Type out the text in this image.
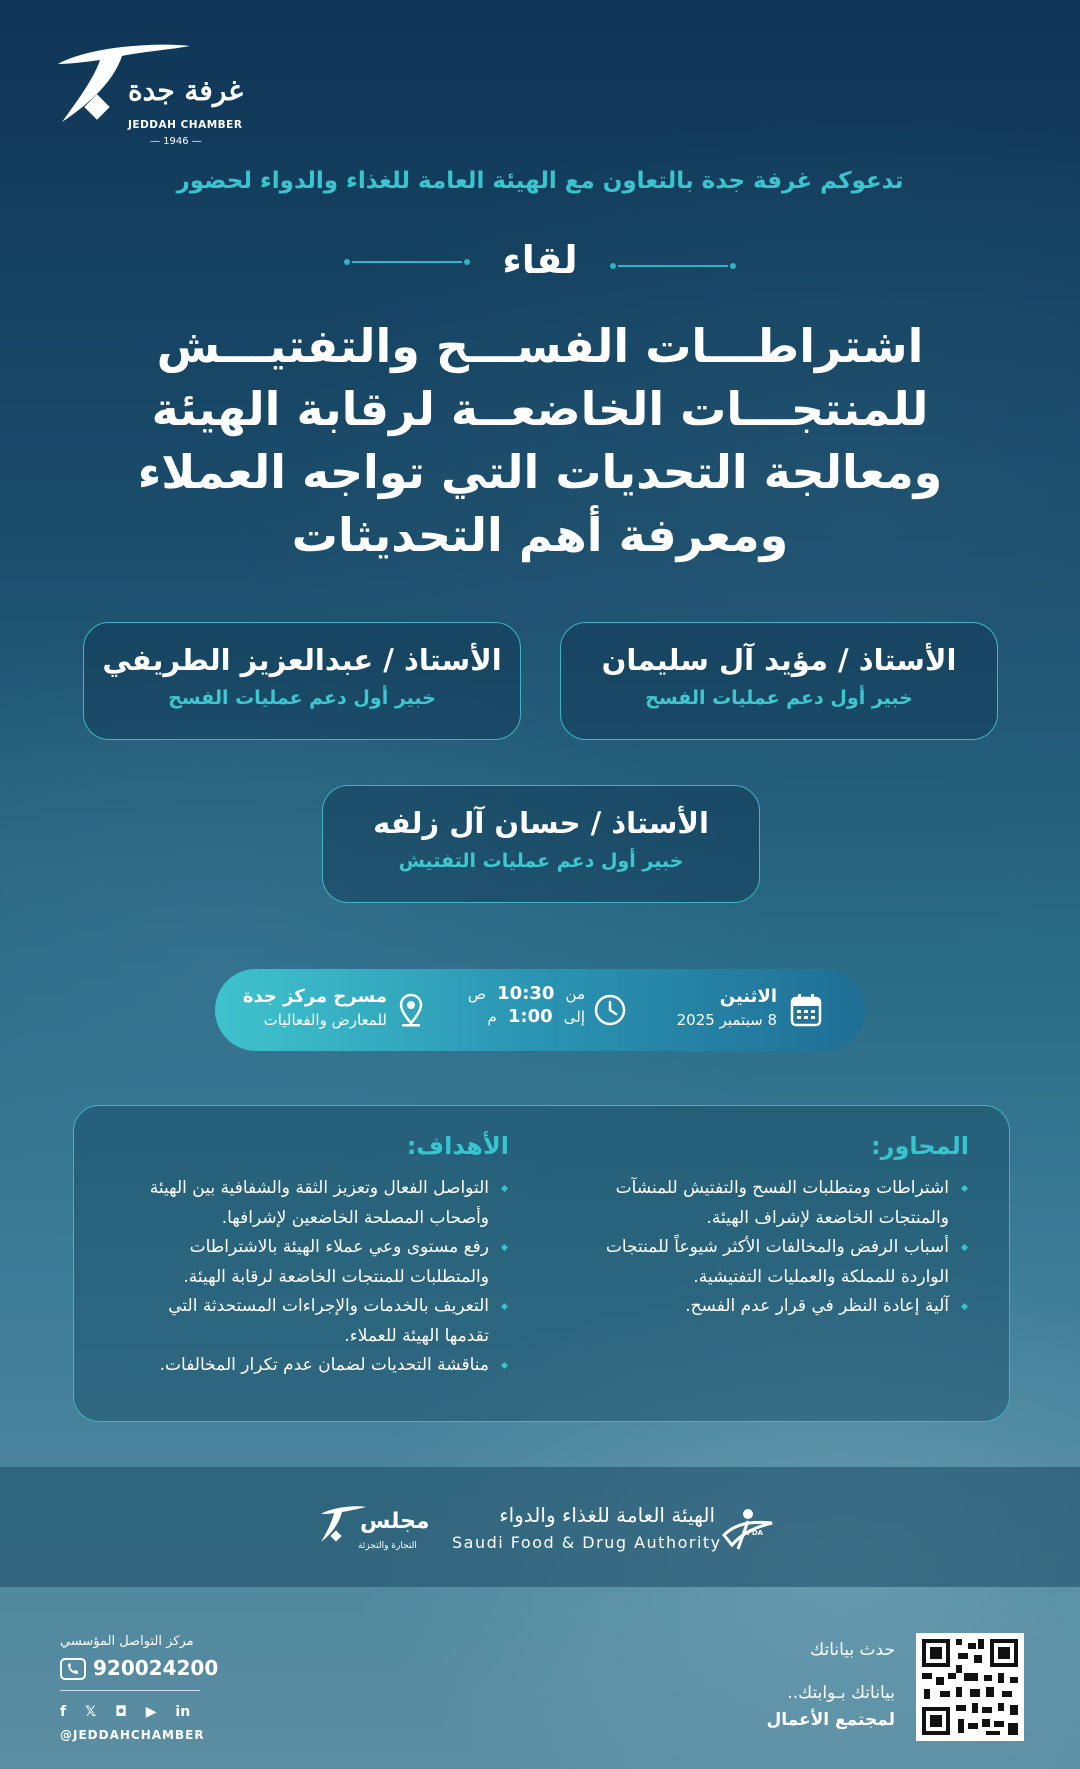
غرفة جدة
JEDDAH CHAMBER
— 1946 —
تدعوكم غرفة جدة بالتعاون مع الهيئة العامة للغذاء والدواء لحضور
لقاء
اشتراطـــات الفســـح والتفتيـــش
للمنتجـــات الخاضعــة لرقابة الهيئة
ومعالجة التحديات التي تواجه العملاء
ومعرفة أهم التحديثات
الأستاذ / مؤيد آل سليمان
خبير أول دعم عمليات الفسح
الأستاذ / عبدالعزيز الطريفي
خبير أول دعم عمليات الفسح
الأستاذ / حسان آل زلفه
خبير أول دعم عمليات التفتيش
الاثنين
8 سبتمبر 2025
من 10:30 ص
إلى 1:00 م
مسرح مركز جدة
للمعارض والفعاليات
المحاور:
اشتراطات ومتطلبات الفسح والتفتيش للمنشآت والمنتجات الخاضعة لإشراف الهيئة.
أسباب الرفض والمخالفات الأكثر شيوعاً للمنتجات الواردة للمملكة والعمليات التفتيشية.
آلية إعادة النظر في قرار عدم الفسح.
الأهداف:
التواصل الفعال وتعزيز الثقة والشفافية بين الهيئة وأصحاب المصلحة الخاضعين لإشرافها.
رفع مستوى وعي عملاء الهيئة بالاشتراطات والمتطلبات للمنتجات الخاضعة لرقابة الهيئة.
التعريف بالخدمات والإجراءات المستحدثة التي تقدمها الهيئة للعملاء.
مناقشة التحديات لضمان عدم تكرار المخالفات.
مجلس
التجارة والتجزئة
الهيئة العامة للغذاء والدواء
Saudi Food & Drug Authority	SFDA
حدث بياناتك
بياناتك بـوابتك..
لمجتمع الأعمال
مركز التواصل المؤسسي
920024200
f 𝕏 ◘ ▶ in
@JEDDAHCHAMBER
